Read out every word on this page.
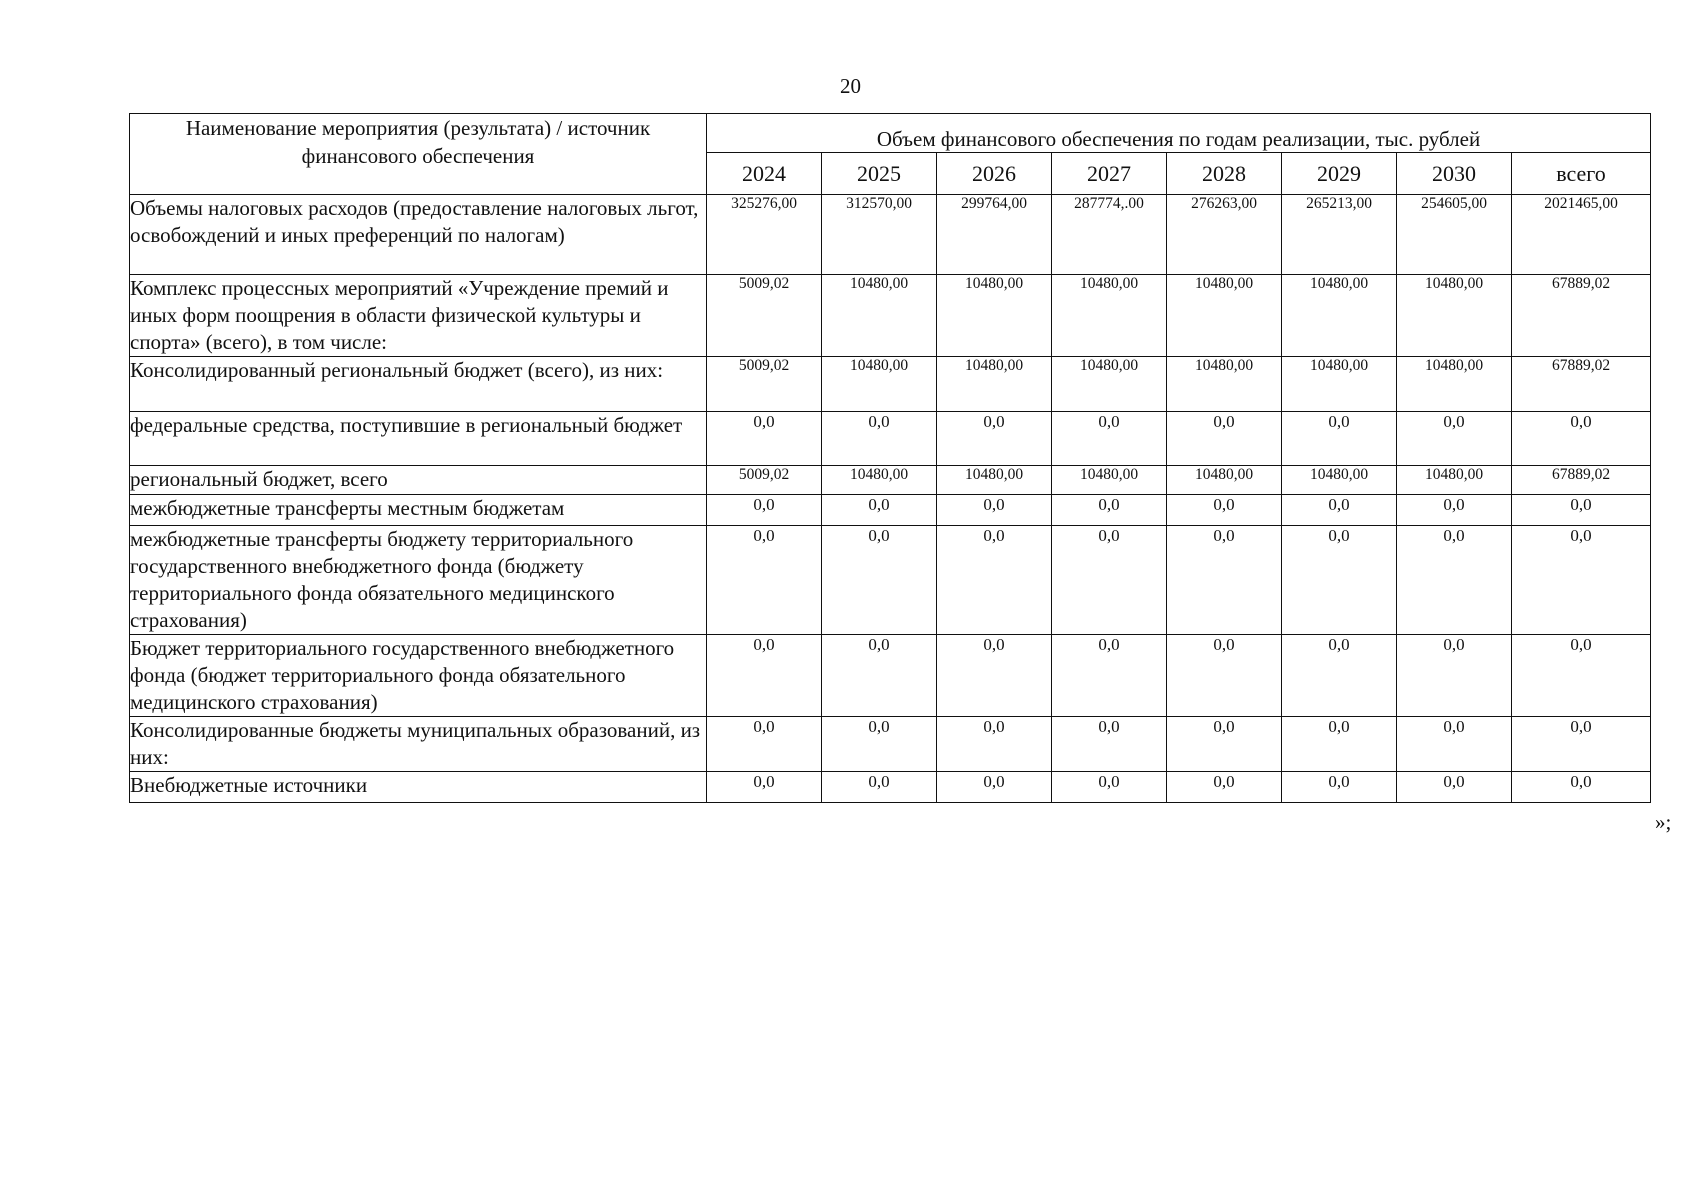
20
Наименование мероприятия (результата) / источник финансового обеспечения	Объем финансового обеспечения по годам реализации, тыс. рублей							
	2024	2025	2026	2027	2028	2029	2030	всего
Объемы налоговых расходов (предоставление налоговых льгот, освобождений и иных преференций по налогам)	325276,00	312570,00	299764,00	287774,.00	276263,00	265213,00	254605,00	2021465,00
Комплекс процессных мероприятий «Учреждение премий и иных форм поощрения в области физической культуры и спорта» (всего), в том числе:	5009,02	10480,00	10480,00	10480,00	10480,00	10480,00	10480,00	67889,02
Консолидированный региональный бюджет (всего), из них:	5009,02	10480,00	10480,00	10480,00	10480,00	10480,00	10480,00	67889,02
федеральные средства, поступившие в региональный бюджет	0,0	0,0	0,0	0,0	0,0	0,0	0,0	0,0
региональный бюджет, всего	5009,02	10480,00	10480,00	10480,00	10480,00	10480,00	10480,00	67889,02
межбюджетные трансферты местным бюджетам	0,0	0,0	0,0	0,0	0,0	0,0	0,0	0,0
межбюджетные трансферты бюджету территориального государственного внебюджетного фонда (бюджету территориального фонда обязательного медицинского страхования)	0,0	0,0	0,0	0,0	0,0	0,0	0,0	0,0
Бюджет территориального государственного внебюджетного фонда (бюджет территориального фонда обязательного медицинского страхования)	0,0	0,0	0,0	0,0	0,0	0,0	0,0	0,0
Консолидированные бюджеты муниципальных образований, из них:	0,0	0,0	0,0	0,0	0,0	0,0	0,0	0,0
Внебюджетные источники	0,0	0,0	0,0	0,0	0,0	0,0	0,0	0,0
»;
